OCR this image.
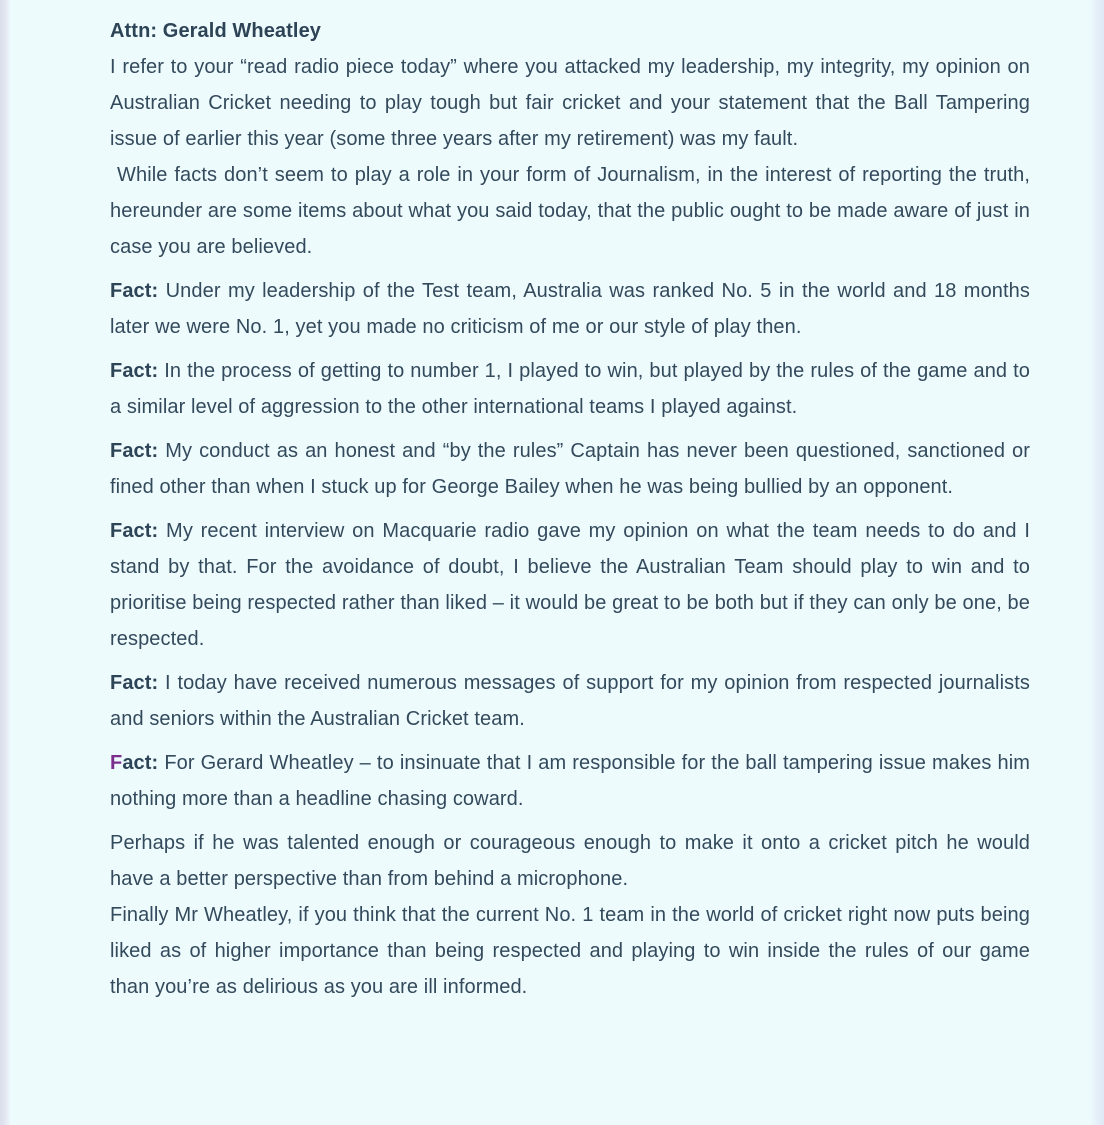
Attn: Gerald Wheatley

I refer to your “read radio piece today” where you attacked my leadership, my integrity, my opinion on Australian Cricket needing to play tough but fair cricket and your statement that the Ball Tampering issue of earlier this year (some three years after my retirement) was my fault.

While facts don’t seem to play a role in your form of Journalism, in the interest of reporting the truth, hereunder are some items about what you said today, that the public ought to be made aware of just in case you are believed.

Fact: Under my leadership of the Test team, Australia was ranked No. 5 in the world and 18 months later we were No. 1, yet you made no criticism of me or our style of play then.

Fact: In the process of getting to number 1, I played to win, but played by the rules of the game and to a similar level of aggression to the other international teams I played against.

Fact: My conduct as an honest and “by the rules” Captain has never been questioned, sanctioned or fined other than when I stuck up for George Bailey when he was being bullied by an opponent.

Fact: My recent interview on Macquarie radio gave my opinion on what the team needs to do and I stand by that. For the avoidance of doubt, I believe the Australian Team should play to win and to prioritise being respected rather than liked – it would be great to be both but if they can only be one, be respected.

Fact: I today have received numerous messages of support for my opinion from respected journalists and seniors within the Australian Cricket team.

Fact: For Gerard Wheatley – to insinuate that I am responsible for the ball tampering issue makes him nothing more than a headline chasing coward.

Perhaps if he was talented enough or courageous enough to make it onto a cricket pitch he would have a better perspective than from behind a microphone.

Finally Mr Wheatley, if you think that the current No. 1 team in the world of cricket right now puts being liked as of higher importance than being respected and playing to win inside the rules of our game than you’re as delirious as you are ill informed.
